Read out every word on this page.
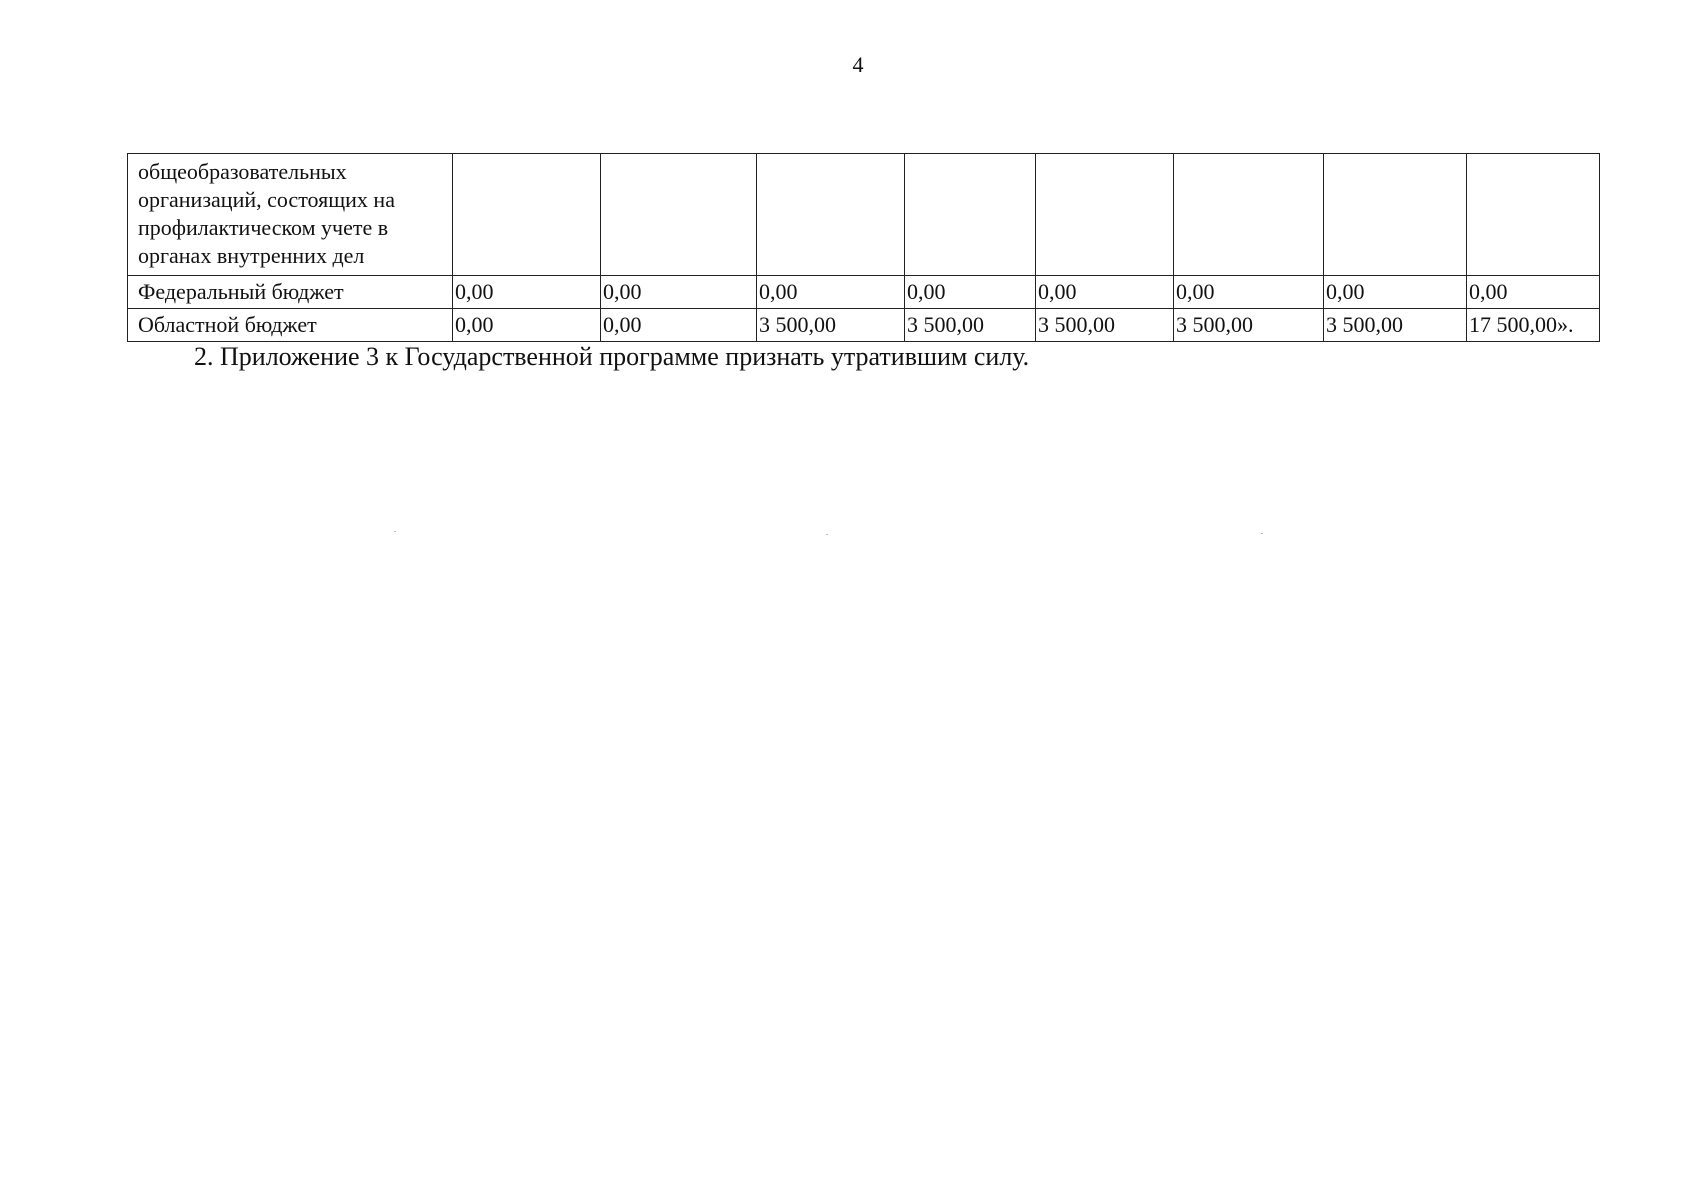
4
общеобразовательных организаций, состоящих на профилактическом учете в органах внутренних дел								
Федеральный бюджет	0,00	0,00	0,00	0,00	0,00	0,00	0,00	0,00
Областной бюджет	0,00	0,00	3 500,00	3 500,00	3 500,00	3 500,00	3 500,00	17 500,00».
2. Приложение 3 к Государственной программе признать утратившим силу.
